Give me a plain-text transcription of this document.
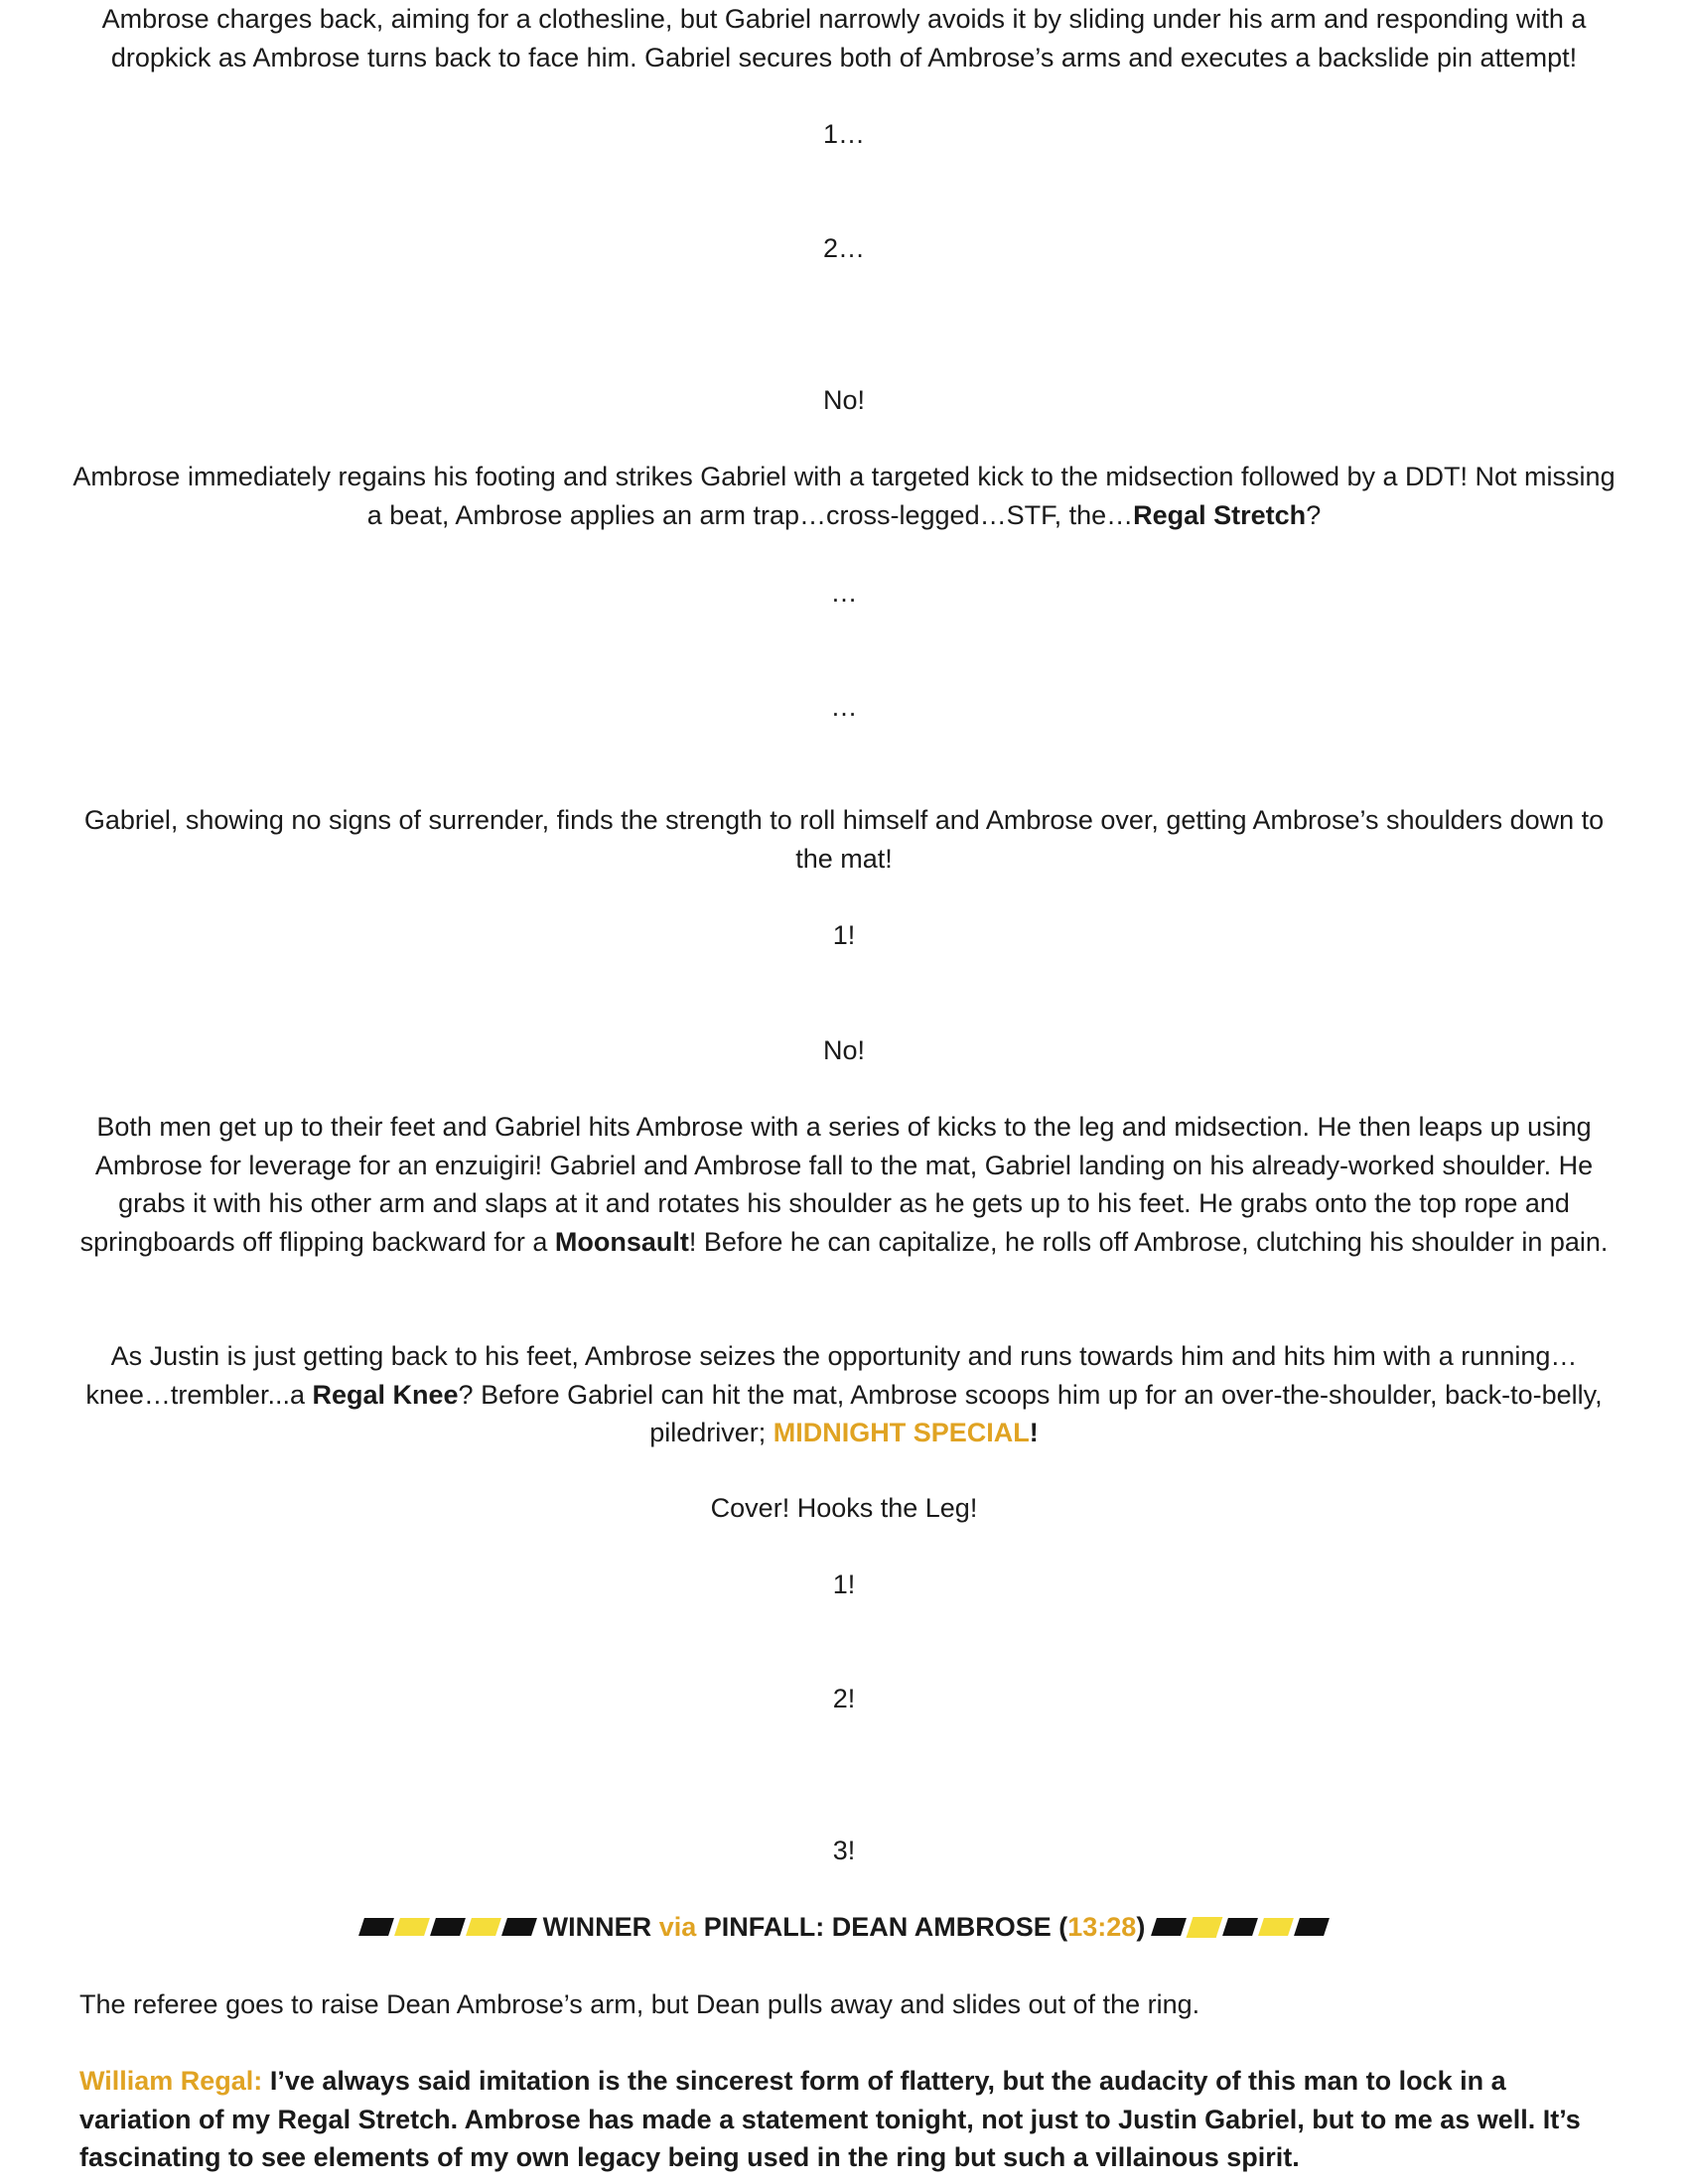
Ambrose charges back, aiming for a clothesline, but Gabriel narrowly avoids it by sliding under his arm and responding with a dropkick as Ambrose turns back to face him. Gabriel secures both of Ambrose’s arms and executes a backslide pin attempt!

1…

2…

No!

Ambrose immediately regains his footing and strikes Gabriel with a targeted kick to the midsection followed by a DDT! Not missing a beat, Ambrose applies an arm trap…cross-legged…STF, the…Regal Stretch?

…

…

Gabriel, showing no signs of surrender, finds the strength to roll himself and Ambrose over, getting Ambrose’s shoulders down to the mat!

1!

No!

Both men get up to their feet and Gabriel hits Ambrose with a series of kicks to the leg and midsection. He then leaps up using Ambrose for leverage for an enzuigiri! Gabriel and Ambrose fall to the mat, Gabriel landing on his already-worked shoulder. He grabs it with his other arm and slaps at it and rotates his shoulder as he gets up to his feet. He grabs onto the top rope and springboards off flipping backward for a Moonsault! Before he can capitalize, he rolls off Ambrose, clutching his shoulder in pain.

As Justin is just getting back to his feet, Ambrose seizes the opportunity and runs towards him and hits him with a running…knee…trembler...a Regal Knee? Before Gabriel can hit the mat, Ambrose scoops him up for an over-the-shoulder, back-to-belly, piledriver; MIDNIGHT SPECIAL!

Cover! Hooks the Leg!

1!

2!

3!

WINNER
via
PINFALL: DEAN AMBROSE ( 13:28 )

The referee goes to raise Dean Ambrose’s arm, but Dean pulls away and slides out of the ring.

William Regal: I’ve always said imitation is the sincerest form of flattery, but the audacity of this man to lock in a variation of my Regal Stretch. Ambrose has made a statement tonight, not just to Justin Gabriel, but to me as well. It’s fascinating to see elements of my own legacy being used in the ring but such a villainous spirit.
